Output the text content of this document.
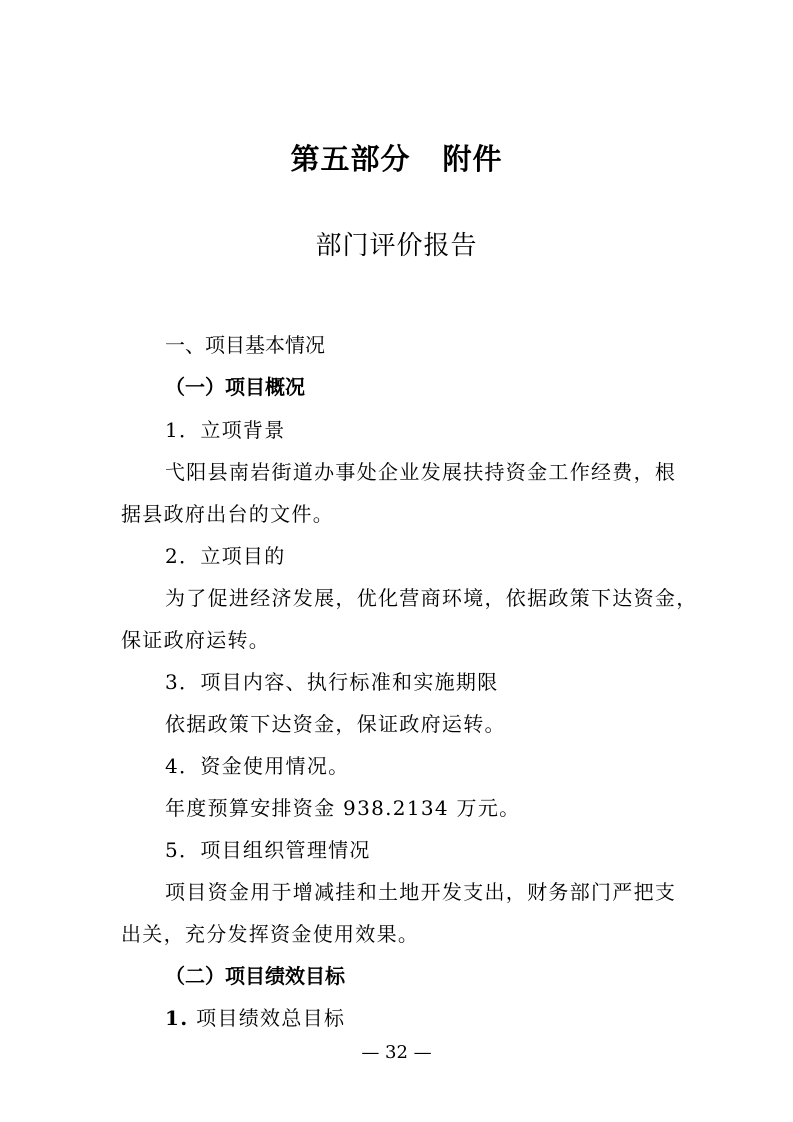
第五部分 附件
部门评价报告
一、项目基本情况
（一）项目概况
1．立项背景
弋阳县南岩街道办事处企业发展扶持资金工作经费，根
据县政府出台的文件。
2．立项目的
为了促进经济发展，优化营商环境，依据政策下达资金，
保证政府运转。
3．项目内容、执行标准和实施期限
依据政策下达资金，保证政府运转。
4．资金使用情况。
年度预算安排资金 938.2134 万元。
5．项目组织管理情况
项目资金用于增减挂和土地开发支出，财务部门严把支
出关，充分发挥资金使用效果。
（二）项目绩效目标
1. 项目绩效总目标
— 32 —
